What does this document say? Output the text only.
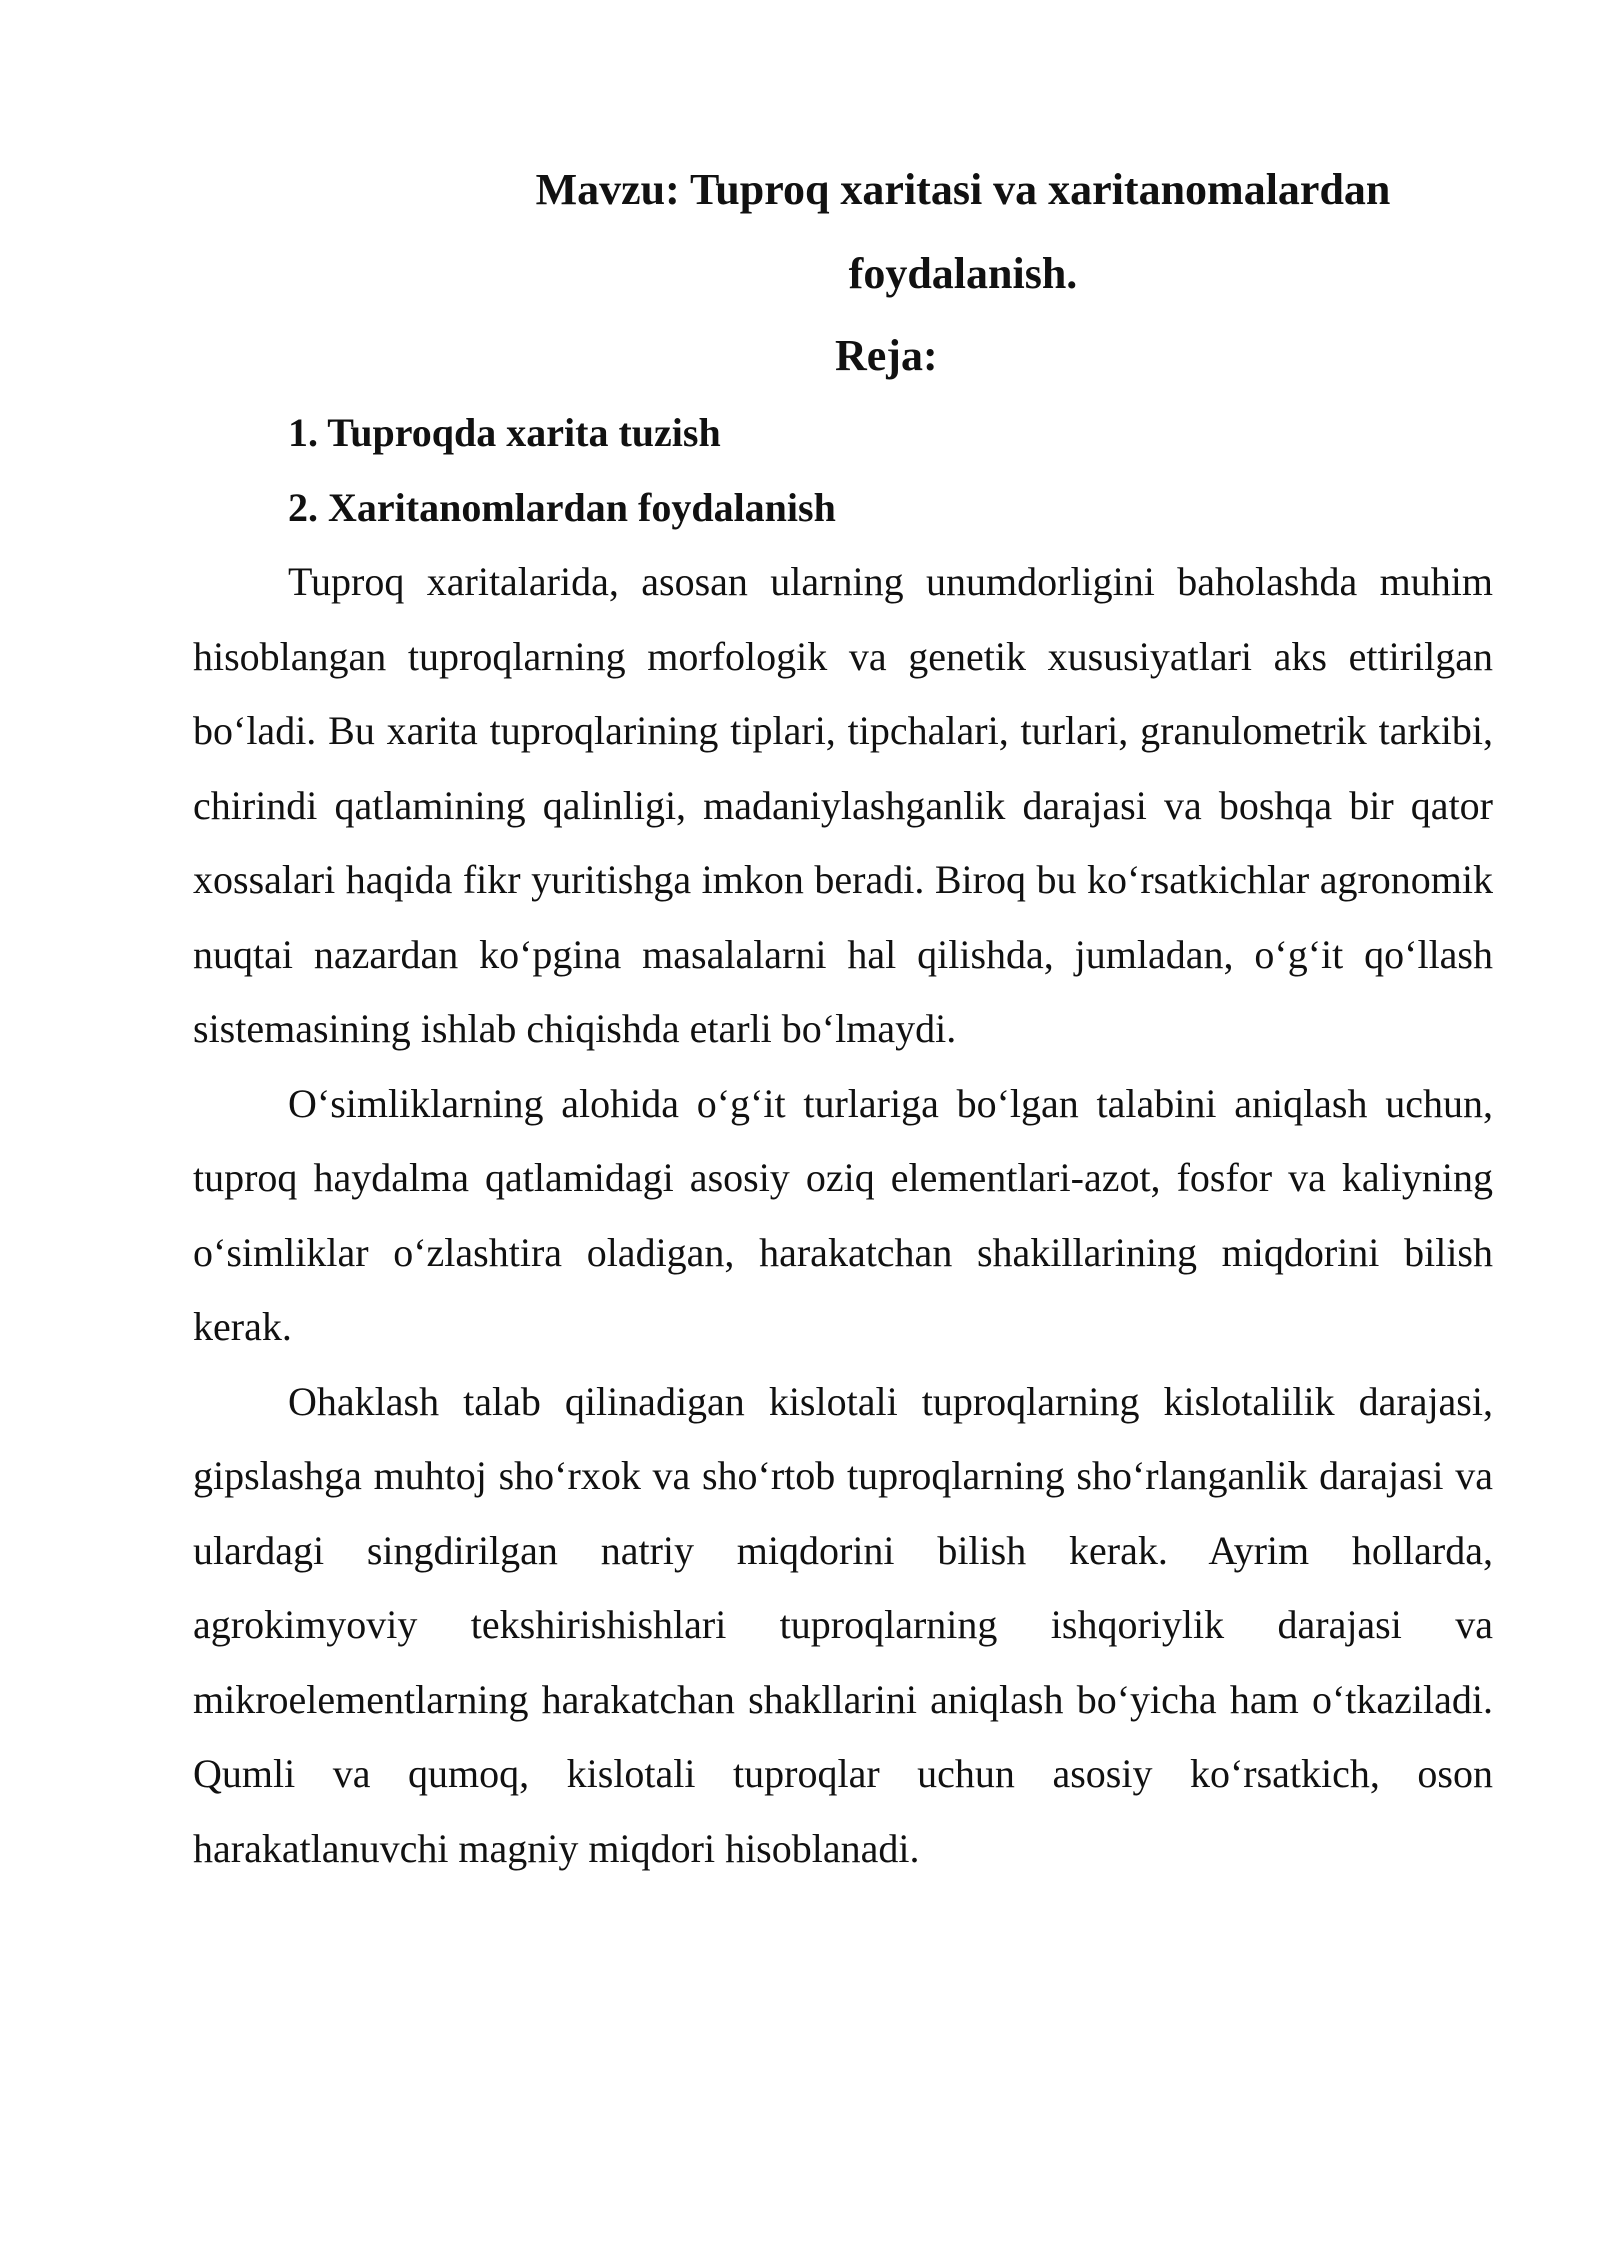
Mavzu: Tuproq xaritasi va xaritanomalardan
foydalanish.
Reja:
1. Tuproqda xarita tuzish
2. Xaritanomlardan foydalanish

Tuproq xaritalarida, asosan ularning unumdorligini baholashda muhim hisoblangan tuproqlarning morfologik va genetik xususiyatlari aks ettirilgan bo‘ladi. Bu xarita tuproqlarining tiplari, tipchalari, turlari, granulometrik tarkibi, chirindi qatlamining qalinligi, madaniylashganlik darajasi va boshqa bir qator xossalari haqida fikr yuritishga imkon beradi. Biroq bu ko‘rsatkichlar agronomik nuqtai nazardan ko‘pgina masalalarni hal qilishda, jumladan, o‘g‘it qo‘llash sistemasining ishlab chiqishda etarli bo‘lmaydi.

O‘simliklarning alohida o‘g‘it turlariga bo‘lgan talabini aniqlash uchun, tuproq haydalma qatlamidagi asosiy oziq elementlari-azot, fosfor va kaliyning o‘simliklar o‘zlashtira oladigan, harakatchan shakillarining miqdorini bilish kerak.

Ohaklash talab qilinadigan kislotali tuproqlarning kislotalilik darajasi, gipslashga muhtoj sho‘rxok va sho‘rtob tuproqlarning sho‘rlanganlik darajasi va ulardagi singdirilgan natriy miqdorini bilish kerak. Ayrim hollarda, agrokimyoviy tekshirishishlari tuproqlarning ishqoriylik darajasi va mikroelementlarning harakatchan shakllarini aniqlash bo‘yicha ham o‘tkaziladi. Qumli va qumoq, kislotali tuproqlar uchun asosiy ko‘rsatkich, oson harakatlanuvchi magniy miqdori hisoblanadi.
